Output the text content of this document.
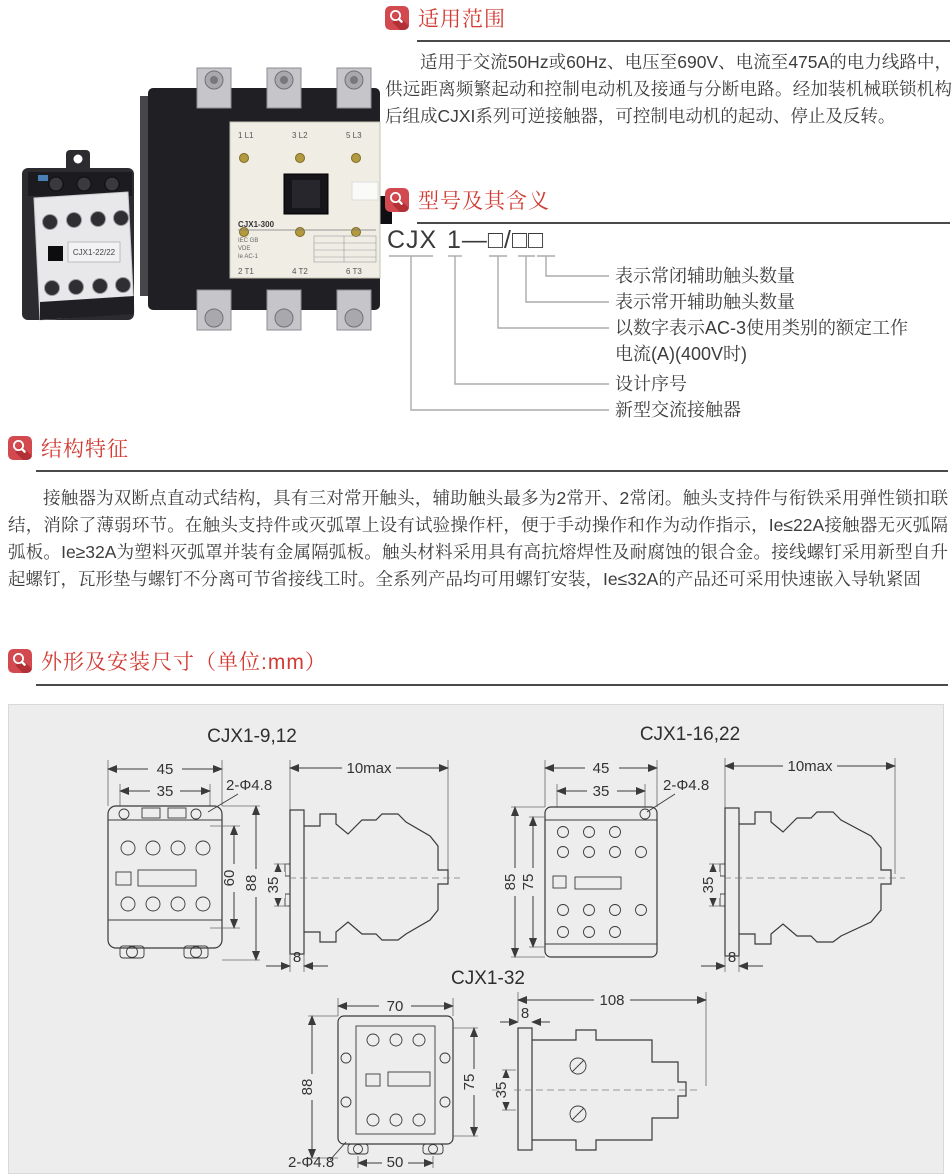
CJX1-22/22
1 L1	3 L2	5 L3
CJX1-300
IEC GB
VDE
Ie AC-1
2 T1	4 T2	6 T3
适用范围

适用于交流50Hz或60Hz、电压至690V、电流至475A的电力线路中，供远距离频繁起动和控制电动机及接通与分断电路。经加装机械联锁机构后组成CJXI系列可逆接触器，可控制电动机的起动、停止及反转。

型号及其含义
CJX 1—□/□□
表示常闭辅助触头数量
表示常开辅助触头数量
以数字表示AC-3使用类别的额定工作
电流(A)(400V时)
设计序号
新型交流接触器
结构特征

接触器为双断点直动式结构，具有三对常开触头，辅助触头最多为2常开、2常闭。触头支持件与衔铁采用弹性锁扣联结，消除了薄弱环节。在触头支持件或灭弧罩上设有试验操作杆，便于手动操作和作为动作指示，Ie≤22A接触器无灭弧隔弧板。Ie≥32A为塑料灭弧罩并装有金属隔弧板。触头材料采用具有高抗熔焊性及耐腐蚀的银合金。接线螺钉采用新型自升起螺钉，瓦形垫与螺钉不分离可节省接线工时。全系列产品均可用螺钉安装，Ie≤32A的产品还可采用快速嵌入导轨紧固

外形及安装尺寸（单位:mm）
CJX1-9,12
45
35	2-Φ4.8
60 88
10max
35
8
CJX1-16,22
45
35	2-Φ4.8
85 75
10max
35
8
CJX1-32
70
88	75
50
2-Φ4.8
108
8
35
